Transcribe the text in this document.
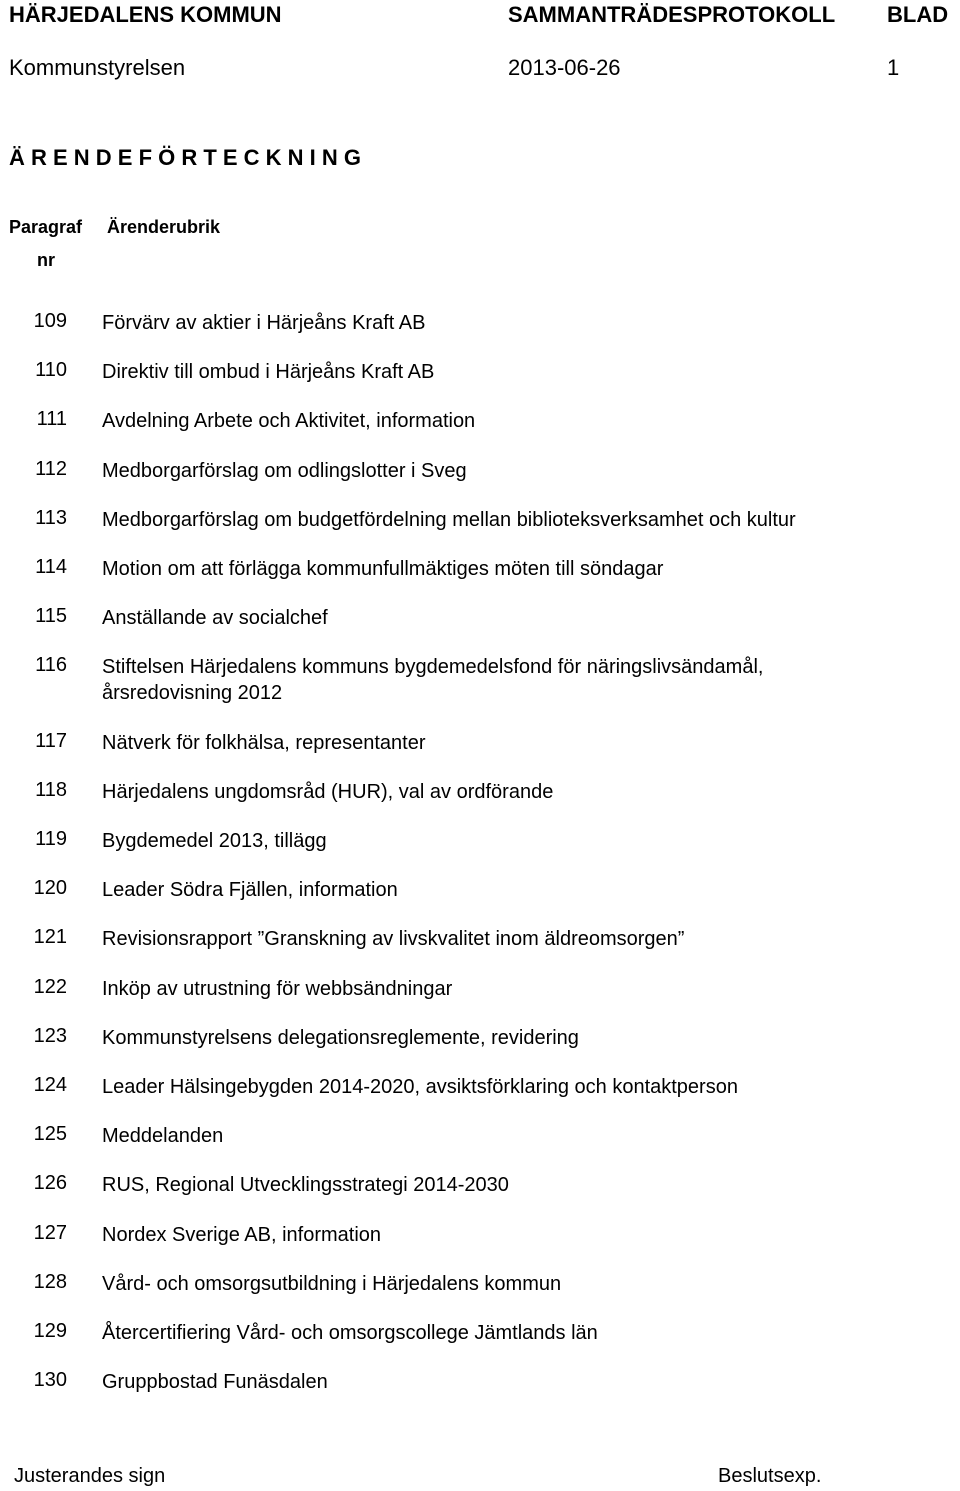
HÄRJEDALENS KOMMUN	SAMMANTRÄDESPROTOKOLL BLAD
Kommunstyrelsen	2013-06-26	1
Ä R E N D E F Ö R T E C K N I N G
Paragraf Ärenderubrik
nr
109 Förvärv av aktier i Härjeåns Kraft AB
110 Direktiv till ombud i Härjeåns Kraft AB
111 Avdelning Arbete och Aktivitet, information
112 Medborgarförslag om odlingslotter i Sveg
113 Medborgarförslag om budgetfördelning mellan biblioteksverksamhet och kultur
114 Motion om att förlägga kommunfullmäktiges möten till söndagar
115 Anställande av socialchef
116 Stiftelsen Härjedalens kommuns bygdemedelsfond för näringslivsändamål,
årsredovisning 2012
117 Nätverk för folkhälsa, representanter
118 Härjedalens ungdomsråd (HUR), val av ordförande
119 Bygdemedel 2013, tillägg
120 Leader Södra Fjällen, information
121 Revisionsrapport ”Granskning av livskvalitet inom äldreomsorgen”
122 Inköp av utrustning för webbsändningar
123 Kommunstyrelsens delegationsreglemente, revidering
124 Leader Hälsingebygden 2014-2020, avsiktsförklaring och kontaktperson
125 Meddelanden
126 RUS, Regional Utvecklingsstrategi 2014-2030
127 Nordex Sverige AB, information
128 Vård- och omsorgsutbildning i Härjedalens kommun
129 Återcertifiering Vård- och omsorgscollege Jämtlands län
130 Gruppbostad Funäsdalen
Justerandes sign	Beslutsexp.
